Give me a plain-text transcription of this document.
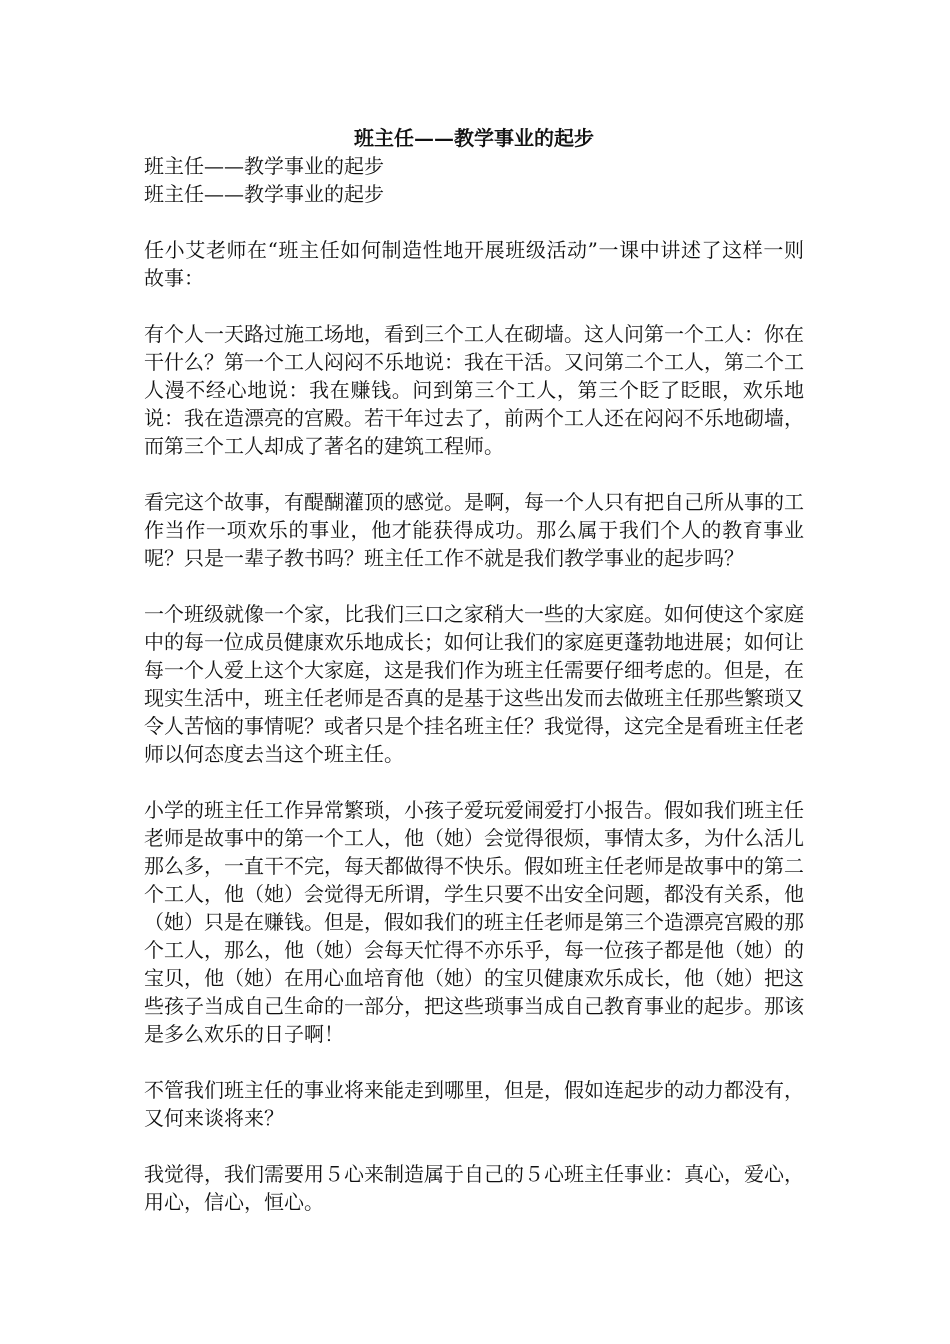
班主任——教学事业的起步

班主任——教学事业的起步

班主任——教学事业的起步

任小艾老师在“班主任如何制造性地开展班级活动”一课中讲述了这样一则故事：

有个人一天路过施工场地，看到三个工人在砌墙。这人问第一个工人：你在干什么？第一个工人闷闷不乐地说：我在干活。又问第二个工人，第二个工人漫不经心地说：我在赚钱。问到第三个工人，第三个眨了眨眼，欢乐地说：我在造漂亮的宫殿。若干年过去了，前两个工人还在闷闷不乐地砌墙，而第三个工人却成了著名的建筑工程师。

看完这个故事，有醍醐灌顶的感觉。是啊，每一个人只有把自己所从事的工作当作一项欢乐的事业，他才能获得成功。那么属于我们个人的教育事业呢？只是一辈子教书吗？班主任工作不就是我们教学事业的起步吗？

一个班级就像一个家，比我们三口之家稍大一些的大家庭。如何使这个家庭中的每一位成员健康欢乐地成长；如何让我们的家庭更蓬勃地进展；如何让每一个人爱上这个大家庭，这是我们作为班主任需要仔细考虑的。但是，在现实生活中，班主任老师是否真的是基于这些出发而去做班主任那些繁琐又令人苦恼的事情呢？或者只是个挂名班主任？我觉得，这完全是看班主任老师以何态度去当这个班主任。

小学的班主任工作异常繁琐，小孩子爱玩爱闹爱打小报告。假如我们班主任老师是故事中的第一个工人，他（她）会觉得很烦，事情太多，为什么活儿那么多，一直干不完，每天都做得不快乐。假如班主任老师是故事中的第二个工人，他（她）会觉得无所谓，学生只要不出安全问题，都没有关系，他（她）只是在赚钱。但是，假如我们的班主任老师是第三个造漂亮宫殿的那个工人，那么，他（她）会每天忙得不亦乐乎，每一位孩子都是他（她）的宝贝，他（她）在用心血培育他（她）的宝贝健康欢乐成长，他（她）把这些孩子当成自己生命的一部分，把这些琐事当成自己教育事业的起步。那该是多么欢乐的日子啊！

不管我们班主任的事业将来能走到哪里，但是，假如连起步的动力都没有，又何来谈将来？

我觉得，我们需要用５心来制造属于自己的５心班主任事业：真心，爱心，用心，信心，恒心。
